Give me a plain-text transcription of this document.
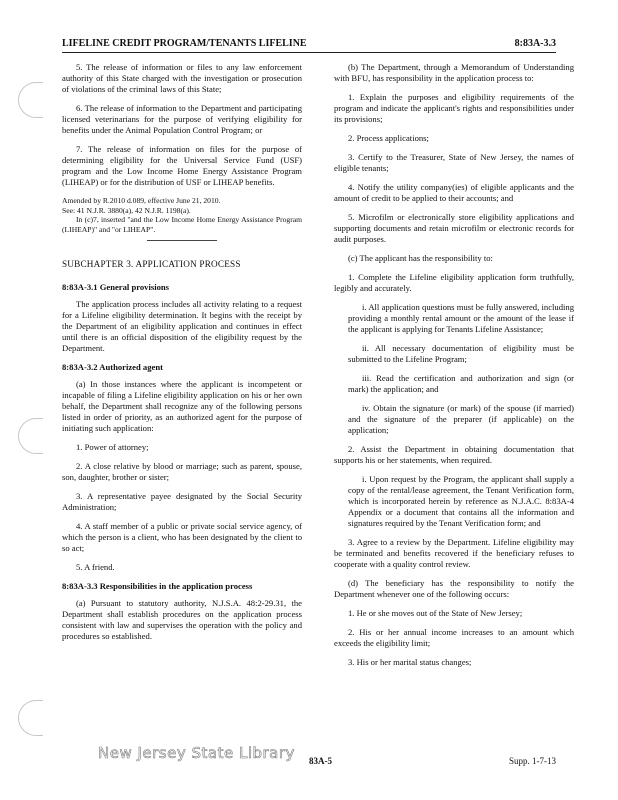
LIFELINE CREDIT PROGRAM/TENANTS LIFELINE	8:83A-3.3

5. The release of information or files to any law enforcement authority of this State charged with the investigation or prosecution of violations of the criminal laws of this State;

6. The release of information to the Department and participating licensed veterinarians for the purpose of verifying eligibility for benefits under the Animal Population Control Program; or

7. The release of information on files for the purpose of determining eligibility for the Universal Service Fund (USF) program and the Low Income Home Energy Assistance Program (LIHEAP) or for the distribution of USF or LIHEAP benefits.

Amended by R.2010 d.089, effective June 21, 2010.

See: 41 N.J.R. 3880(a), 42 N.J.R. 1198(a).

In (c)7, inserted "and the Low Income Home Energy Assistance Program (LIHEAP)" and "or LIHEAP".

SUBCHAPTER 3. APPLICATION PROCESS

8:83A-3.1 General provisions

The application process includes all activity relating to a request for a Lifeline eligibility determination. It begins with the receipt by the Department of an eligibility application and continues in effect until there is an official disposition of the eligibility request by the Department.

8:83A-3.2 Authorized agent

(a) In those instances where the applicant is incompetent or incapable of filing a Lifeline eligibility application on his or her own behalf, the Department shall recognize any of the following persons listed in order of priority, as an authorized agent for the purpose of initiating such application:

1. Power of attorney;

2. A close relative by blood or marriage; such as parent, spouse, son, daughter, brother or sister;

3. A representative payee designated by the Social Security Administration;

4. A staff member of a public or private social service agency, of which the person is a client, who has been designated by the client to so act;

5. A friend.

8:83A-3.3 Responsibilities in the application process

(a) Pursuant to statutory authority, N.J.S.A. 48:2-29.31, the Department shall establish procedures on the application process consistent with law and supervises the operation with the policy and procedures so established.

(b) The Department, through a Memorandum of Understanding with BFU, has responsibility in the application process to:

1. Explain the purposes and eligibility requirements of the program and indicate the applicant's rights and responsibilities under its provisions;

2. Process applications;

3. Certify to the Treasurer, State of New Jersey, the names of eligible tenants;

4. Notify the utility company(ies) of eligible applicants and the amount of credit to be applied to their accounts; and

5. Microfilm or electronically store eligibility applications and supporting documents and retain microfilm or electronic records for audit purposes.

(c) The applicant has the responsibility to:

1. Complete the Lifeline eligibility application form truthfully, legibly and accurately.

i. All application questions must be fully answered, including providing a monthly rental amount or the amount of the lease if the applicant is applying for Tenants Lifeline Assistance;

ii. All necessary documentation of eligibility must be submitted to the Lifeline Program;

iii. Read the certification and authorization and sign (or mark) the application; and

iv. Obtain the signature (or mark) of the spouse (if married) and the signature of the preparer (if applicable) on the application;

2. Assist the Department in obtaining documentation that supports his or her statements, when required.

i. Upon request by the Program, the applicant shall supply a copy of the rental/lease agreement, the Tenant Verification form, which is incorporated herein by reference as N.J.A.C. 8:83A-4 Appendix or a document that contains all the information and signatures required by the Tenant Verification form; and

3. Agree to a review by the Department. Lifeline eligibility may be terminated and benefits recovered if the beneficiary refuses to cooperate with a quality control review.

(d) The beneficiary has the responsibility to notify the Department whenever one of the following occurs:

1. He or she moves out of the State of New Jersey;

2. His or her annual income increases to an amount which exceeds the eligibility limit;

3. His or her marital status changes;

New Jersey State Library 83A-5	Supp. 1-7-13
